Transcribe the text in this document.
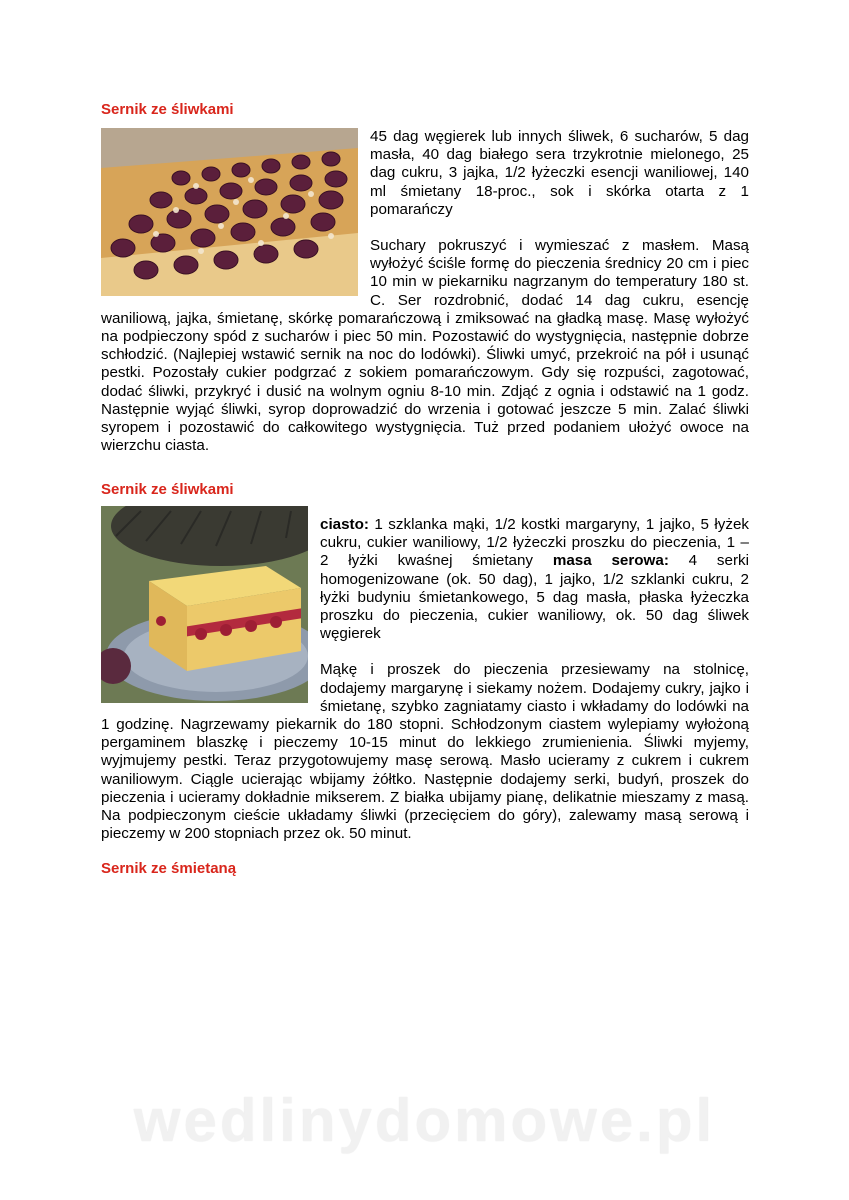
Sernik ze śliwkami

45 dag węgierek lub innych śliwek, 6 sucharów, 5 dag masła, 40 dag białego sera trzykrotnie mielonego, 25 dag cukru, 3 jajka, 1/2 łyżeczki esencji waniliowej, 140 ml śmietany 18-proc., sok i skórka otarta z 1 pomarańczy

Suchary pokruszyć i wymieszać z masłem. Masą wyłożyć ściśle formę do pieczenia średnicy 20 cm i piec 10 min w piekarniku nagrzanym do temperatury 180 st. C. Ser rozdrobnić, dodać 14 dag cukru, esencję waniliową, jajka, śmietanę, skórkę pomarańczową i zmiksować na gładką masę. Masę wyłożyć na podpieczony spód z sucharów i piec 50 min. Pozostawić do wystygnięcia, następnie dobrze schłodzić. (Najlepiej wstawić sernik na noc do lodówki). Śliwki umyć, przekroić na pół i usunąć pestki. Pozostały cukier podgrzać z sokiem pomarańczowym. Gdy się rozpuści, zagotować, dodać śliwki, przykryć i dusić na wolnym ogniu 8-10 min. Zdjąć z ognia i odstawić na 1 godz. Następnie wyjąć śliwki, syrop doprowadzić do wrzenia i gotować jeszcze 5 min. Zalać śliwki syropem i pozostawić do całkowitego wystygnięcia. Tuż przed podaniem ułożyć owoce na wierzchu ciasta.

Sernik ze śliwkami

ciasto: 1 szklanka mąki, 1/2 kostki margaryny, 1 jajko, 5 łyżek cukru, cukier waniliowy, 1/2 łyżeczki proszku do pieczenia, 1 – 2 łyżki kwaśnej śmietany masa serowa: 4 serki homogenizowane (ok. 50 dag), 1 jajko, 1/2 szklanki cukru, 2 łyżki budyniu śmietankowego, 5 dag masła, płaska łyżeczka proszku do pieczenia, cukier waniliowy, ok. 50 dag śliwek węgierek

Mąkę i proszek do pieczenia przesiewamy na stolnicę, dodajemy margarynę i siekamy nożem. Dodajemy cukry, jajko i śmietanę, szybko zagniatamy ciasto i wkładamy do lodówki na 1 godzinę. Nagrzewamy piekarnik do 180 stopni. Schłodzonym ciastem wylepiamy wyłożoną pergaminem blaszkę i pieczemy 10-15 minut do lekkiego zrumienienia. Śliwki myjemy, wyjmujemy pestki. Teraz przygotowujemy masę serową. Masło ucieramy z cukrem i cukrem waniliowym. Ciągle ucierając wbijamy żółtko. Następnie dodajemy serki, budyń, proszek do pieczenia i ucieramy dokładnie mikserem. Z białka ubijamy pianę, delikatnie mieszamy z masą. Na podpieczonym cieście układamy śliwki (przecięciem do góry), zalewamy masą serową i pieczemy w 200 stopniach przez ok. 50 minut.

Sernik ze śmietaną
wedlinydomowe.pl
